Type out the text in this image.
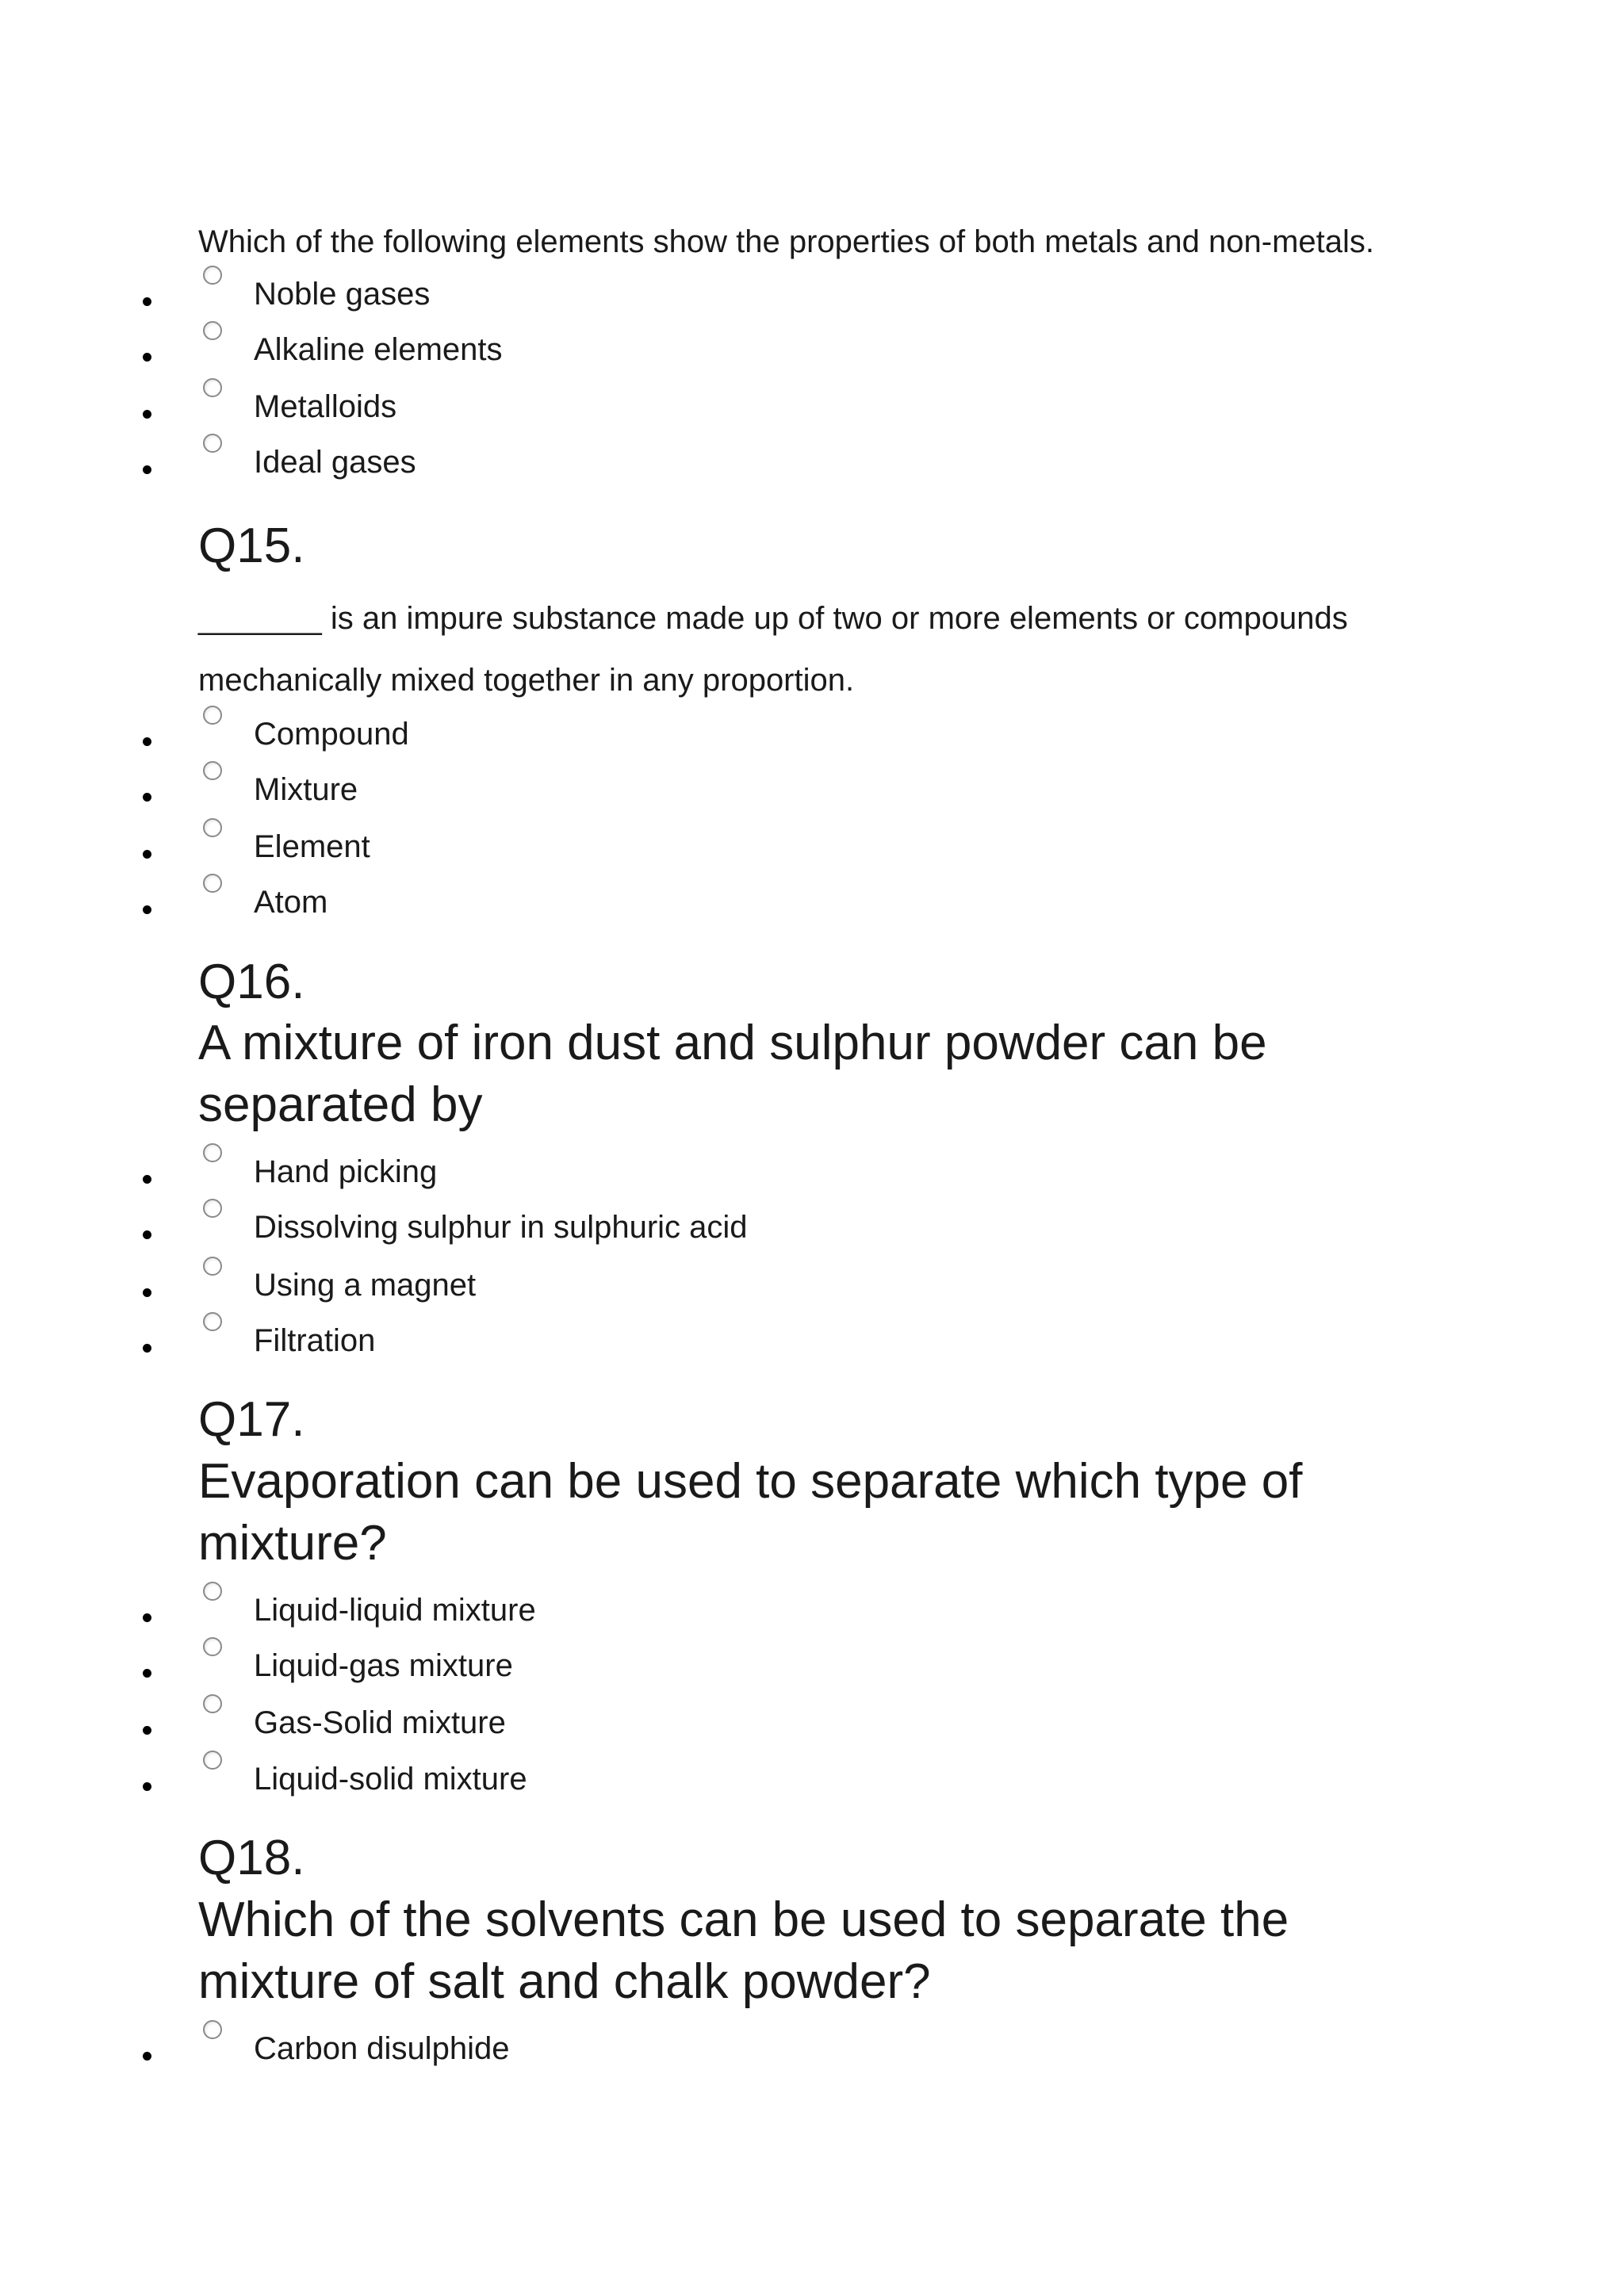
Which of the following elements show the properties of both metals and non-metals.

Noble gases
Alkaline elements
Metalloids
Ideal gases
Q15.

_______ is an impure substance made up of two or more elements or compounds

mechanically mixed together in any proportion.

Compound
Mixture
Element
Atom
Q16.
A mixture of iron dust and sulphur powder can be
separated by
Hand picking
Dissolving sulphur in sulphuric acid
Using a magnet
Filtration
Q17.
Evaporation can be used to separate which type of
mixture?
Liquid-liquid mixture
Liquid-gas mixture
Gas-Solid mixture
Liquid-solid mixture
Q18.
Which of the solvents can be used to separate the
mixture of salt and chalk powder?
Carbon disulphide
